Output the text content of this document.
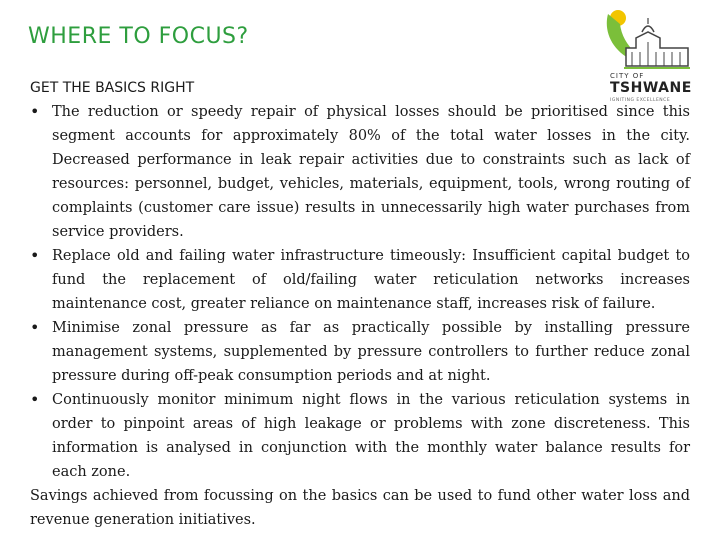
WHERE TO FOCUS?
CITY OF
TSHWANE
IGNITING EXCELLENCE
GET THE BASICS RIGHT
• The reduction or speedy repair of physical losses should be prioritised since this segment accounts for approximately 80% of the total water losses in the city. Decreased performance in leak repair activities due to constraints such as lack of resources: personnel, budget, vehicles, materials, equipment, tools, wrong routing of complaints (customer care issue) results in unnecessarily high water purchases from service providers.
• Replace old and failing water infrastructure timeously: Insufficient capital budget to fund the replacement of old/failing water reticulation networks increases maintenance cost, greater reliance on maintenance staff, increases risk of failure.
• Minimise zonal pressure as far as practically possible by installing pressure management systems, supplemented by pressure controllers to further reduce zonal pressure during off-peak consumption periods and at night.
• Continuously monitor minimum night flows in the various reticulation systems in order to pinpoint areas of high leakage or problems with zone discreteness. This information is analysed in conjunction with the monthly water balance results for each zone.
Savings achieved from focussing on the basics can be used to fund other water loss and revenue generation initiatives.
